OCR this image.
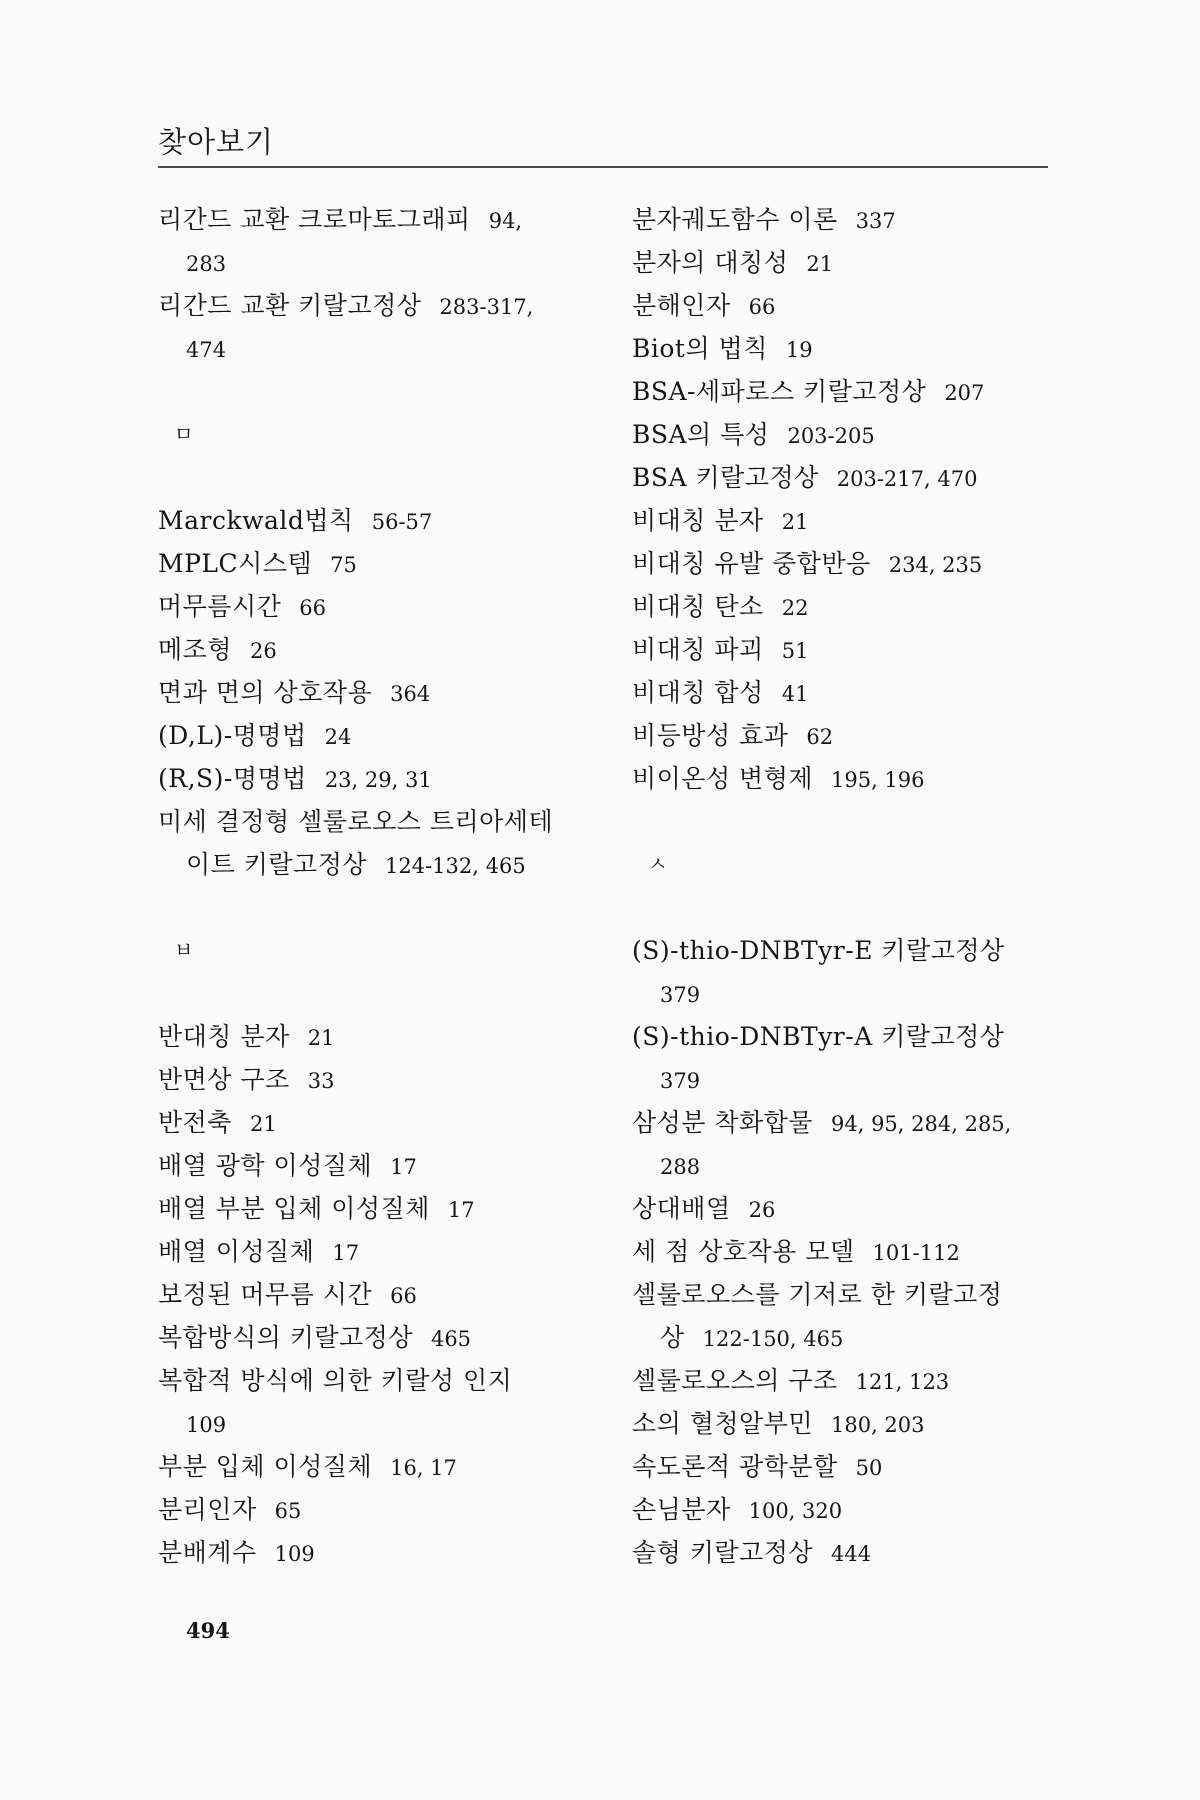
찾아보기
리간드 교환 크로마토그래피 94,
283
리간드 교환 키랄고정상 283-317,
474
ㅁ
Marckwald법칙 56-57
MPLC시스템 75
머무름시간 66
메조형 26
면과 면의 상호작용 364
(D,L)-명명법 24
(R,S)-명명법 23, 29, 31
미세 결정형 셀룰로오스 트리아세테
이트 키랄고정상 124-132, 465
ㅂ
반대칭 분자 21
반면상 구조 33
반전축 21
배열 광학 이성질체 17
배열 부분 입체 이성질체 17
배열 이성질체 17
보정된 머무름 시간 66
복합방식의 키랄고정상 465
복합적 방식에 의한 키랄성 인지
109
부분 입체 이성질체 16, 17
분리인자 65
분배계수 109
분자궤도함수 이론 337
분자의 대칭성 21
분해인자 66
Biot의 법칙 19
BSA-세파로스 키랄고정상 207
BSA의 특성 203-205
BSA 키랄고정상 203-217, 470
비대칭 분자 21
비대칭 유발 중합반응 234, 235
비대칭 탄소 22
비대칭 파괴 51
비대칭 합성 41
비등방성 효과 62
비이온성 변형제 195, 196
ㅅ
(S)-thio-DNBTyr-E 키랄고정상
379
(S)-thio-DNBTyr-A 키랄고정상
379
삼성분 착화합물 94, 95, 284, 285,
288
상대배열 26
세 점 상호작용 모델 101-112
셀룰로오스를 기저로 한 키랄고정
상 122-150, 465
셀룰로오스의 구조 121, 123
소의 혈청알부민 180, 203
속도론적 광학분할 50
손님분자 100, 320
솔형 키랄고정상 444
494
